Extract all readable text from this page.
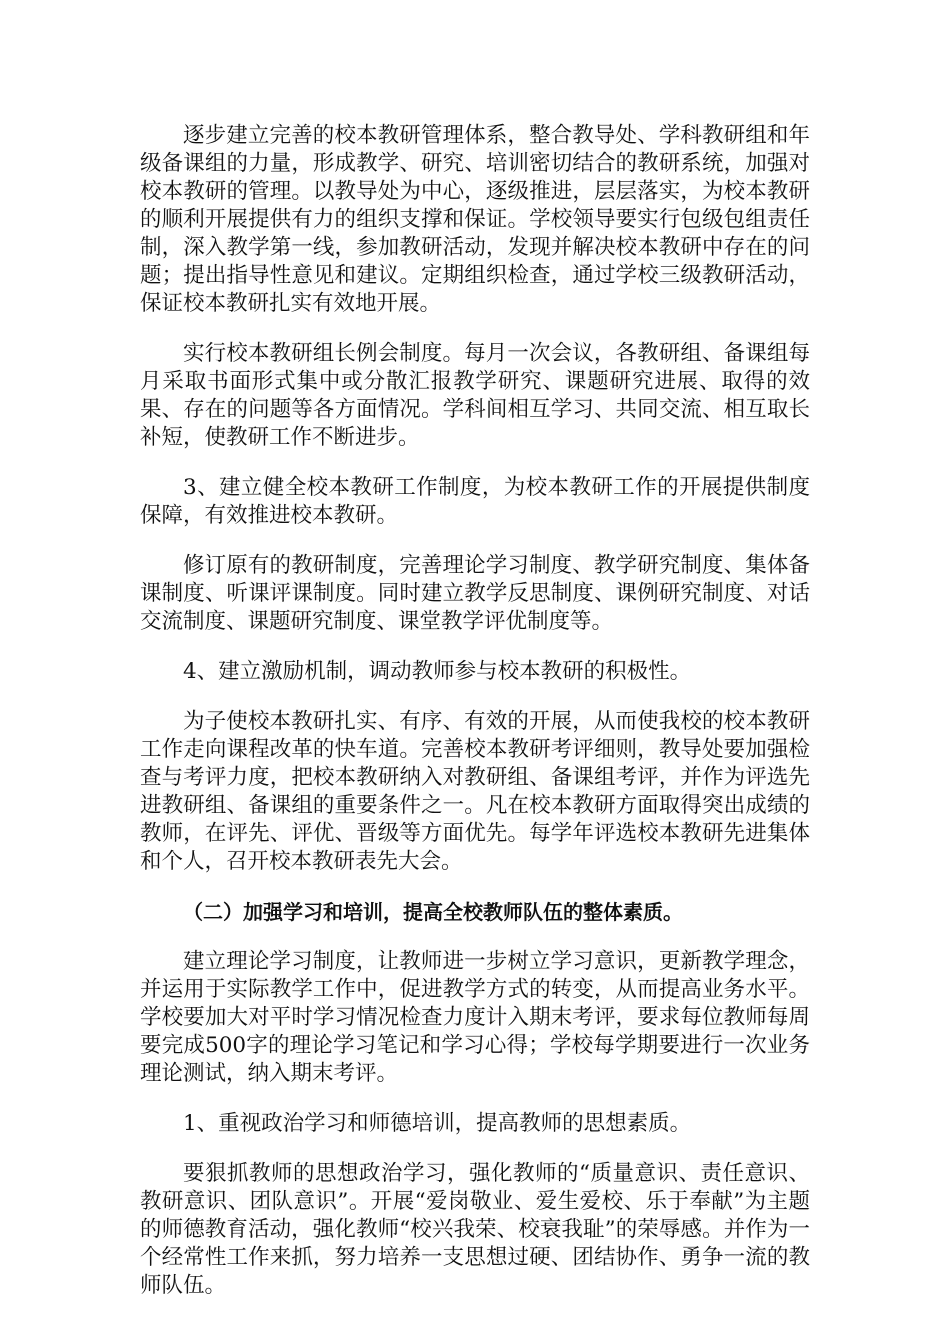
逐步建立完善的校本教研管理体系，整合教导处、学科教研组和年级备课组的力量，形成教学、研究、培训密切结合的教研系统，加强对校本教研的管理。以教导处为中心，逐级推进，层层落实，为校本教研的顺利开展提供有力的组织支撑和保证。学校领导要实行包级包组责任制，深入教学第一线，参加教研活动，发现并解决校本教研中存在的问题；提出指导性意见和建议。定期组织检查，通过学校三级教研活动，保证校本教研扎实有效地开展。

实行校本教研组长例会制度。每月一次会议，各教研组、备课组每月采取书面形式集中或分散汇报教学研究、课题研究进展、取得的效果、存在的问题等各方面情况。学科间相互学习、共同交流、相互取长补短，使教研工作不断进步。

3、建立健全校本教研工作制度，为校本教研工作的开展提供制度保障，有效推进校本教研。

修订原有的教研制度，完善理论学习制度、教学研究制度、集体备课制度、听课评课制度。同时建立教学反思制度、课例研究制度、对话交流制度、课题研究制度、课堂教学评优制度等。

4、建立激励机制，调动教师参与校本教研的积极性。

为子使校本教研扎实、有序、有效的开展，从而使我校的校本教研工作走向课程改革的快车道。完善校本教研考评细则，教导处要加强检查与考评力度，把校本教研纳入对教研组、备课组考评，并作为评选先进教研组、备课组的重要条件之一。凡在校本教研方面取得突出成绩的教师，在评先、评优、晋级等方面优先。每学年评选校本教研先进集体和个人，召开校本教研表先大会。

（二）加强学习和培训，提高全校教师队伍的整体素质。

建立理论学习制度，让教师进一步树立学习意识，更新教学理念，并运用于实际教学工作中，促进教学方式的转变，从而提高业务水平。学校要加大对平时学习情况检查力度计入期末考评，要求每位教师每周要完成500字的理论学习笔记和学习心得；学校每学期要进行一次业务理论测试，纳入期末考评。

1、重视政治学习和师德培训，提高教师的思想素质。

要狠抓教师的思想政治学习，强化教师的“质量意识、责任意识、教研意识、团队意识”。开展“爱岗敬业、爱生爱校、乐于奉献”为主题的师德教育活动，强化教师“校兴我荣、校衰我耻”的荣辱感。并作为一个经常性工作来抓，努力培养一支思想过硬、团结协作、勇争一流的教师队伍。
